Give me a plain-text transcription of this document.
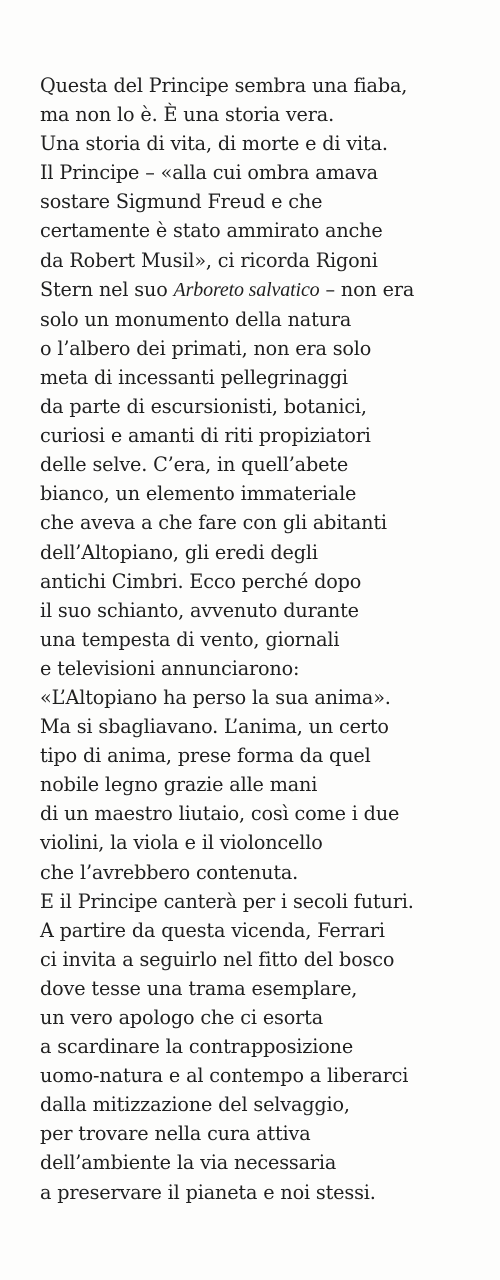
Questa del Principe sembra una fiaba,
ma non lo è. È una storia vera.
Una storia di vita, di morte e di vita.
Il Principe – «alla cui ombra amava
sostare Sigmund Freud e che
certamente è stato ammirato anche
da Robert Musil», ci ricorda Rigoni
Stern nel suo Arboreto salvatico – non era
solo un monumento della natura
o l’albero dei primati, non era solo
meta di incessanti pellegrinaggi
da parte di escursionisti, botanici,
curiosi e amanti di riti propiziatori
delle selve. C’era, in quell’abete
bianco, un elemento immateriale
che aveva a che fare con gli abitanti
dell’Altopiano, gli eredi degli
antichi Cimbri. Ecco perché dopo
il suo schianto, avvenuto durante
una tempesta di vento, giornali
e televisioni annunciarono:
«L’Altopiano ha perso la sua anima».
Ma si sbagliavano. L’anima, un certo
tipo di anima, prese forma da quel
nobile legno grazie alle mani
di un maestro liutaio, così come i due
violini, la viola e il violoncello
che l’avrebbero contenuta.
E il Principe canterà per i secoli futuri.
A partire da questa vicenda, Ferrari
ci invita a seguirlo nel fitto del bosco
dove tesse una trama esemplare,
un vero apologo che ci esorta
a scardinare la contrapposizione
uomo-natura e al contempo a liberarci
dalla mitizzazione del selvaggio,
per trovare nella cura attiva
dell’ambiente la via necessaria
a preservare il pianeta e noi stessi.
